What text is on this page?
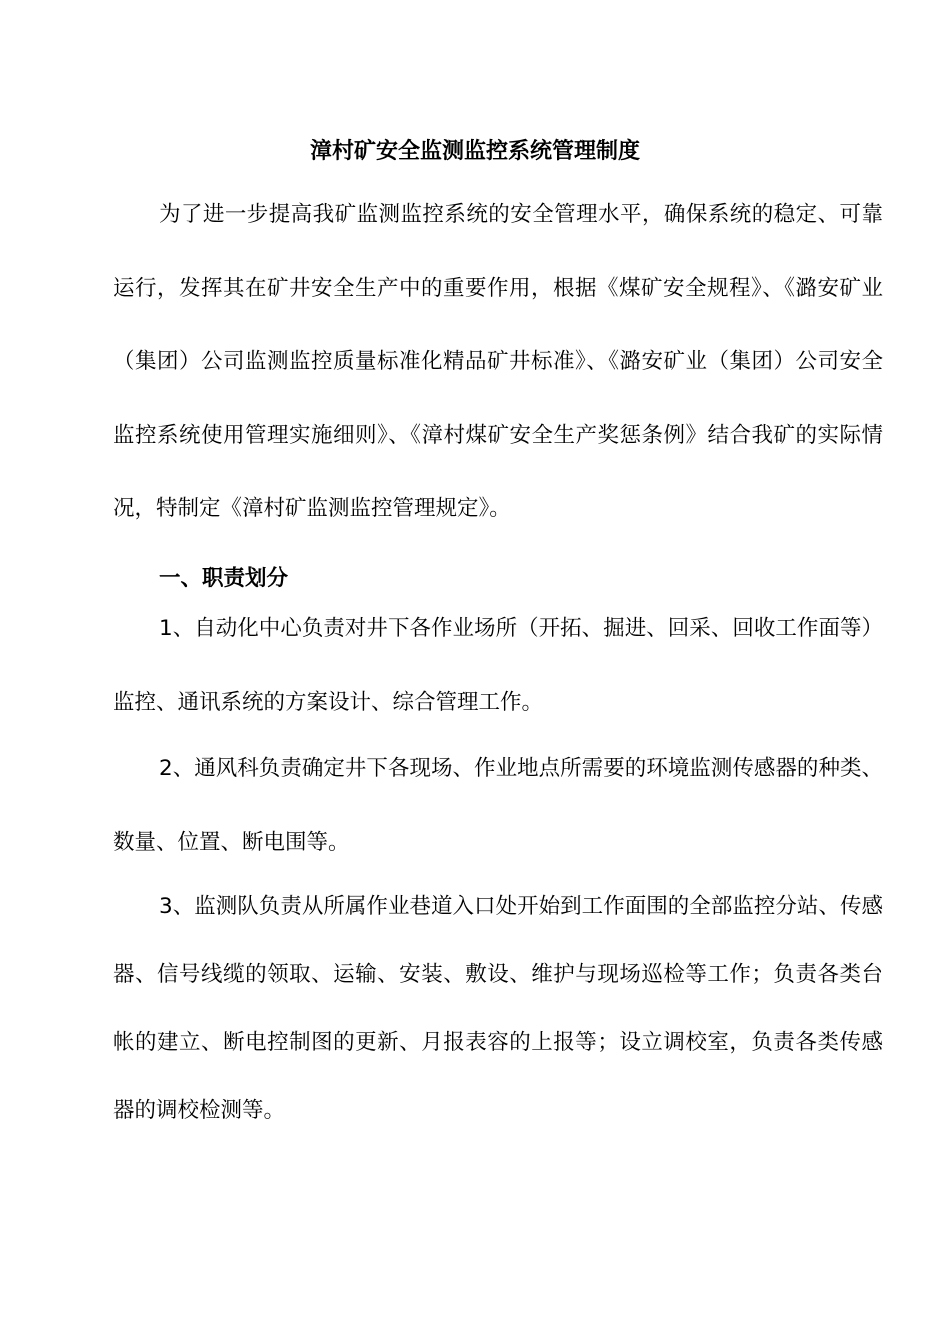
漳村矿安全监测监控系统管理制度

为了进一步提高我矿监测监控系统的安全管理水平，确保系统的稳定、可靠运行，发挥其在矿井安全生产中的重要作用，根据《煤矿安全规程》、《潞安矿业（集团）公司监测监控质量标准化精品矿井标准》、《潞安矿业（集团）公司安全监控系统使用管理实施细则》、《漳村煤矿安全生产奖惩条例》结合我矿的实际情况，特制定《漳村矿监测监控管理规定》。

一、职责划分

1、自动化中心负责对井下各作业场所（开拓、掘进、回采、回收工作面等）监控、通讯系统的方案设计、综合管理工作。

2、通风科负责确定井下各现场、作业地点所需要的环境监测传感器的种类、数量、位置、断电围等。

3、监测队负责从所属作业巷道入口处开始到工作面围的全部监控分站、传感器、信号线缆的领取、运输、安装、敷设、维护与现场巡检等工作；负责各类台帐的建立、断电控制图的更新、月报表容的上报等；设立调校室，负责各类传感器的调校检测等。
